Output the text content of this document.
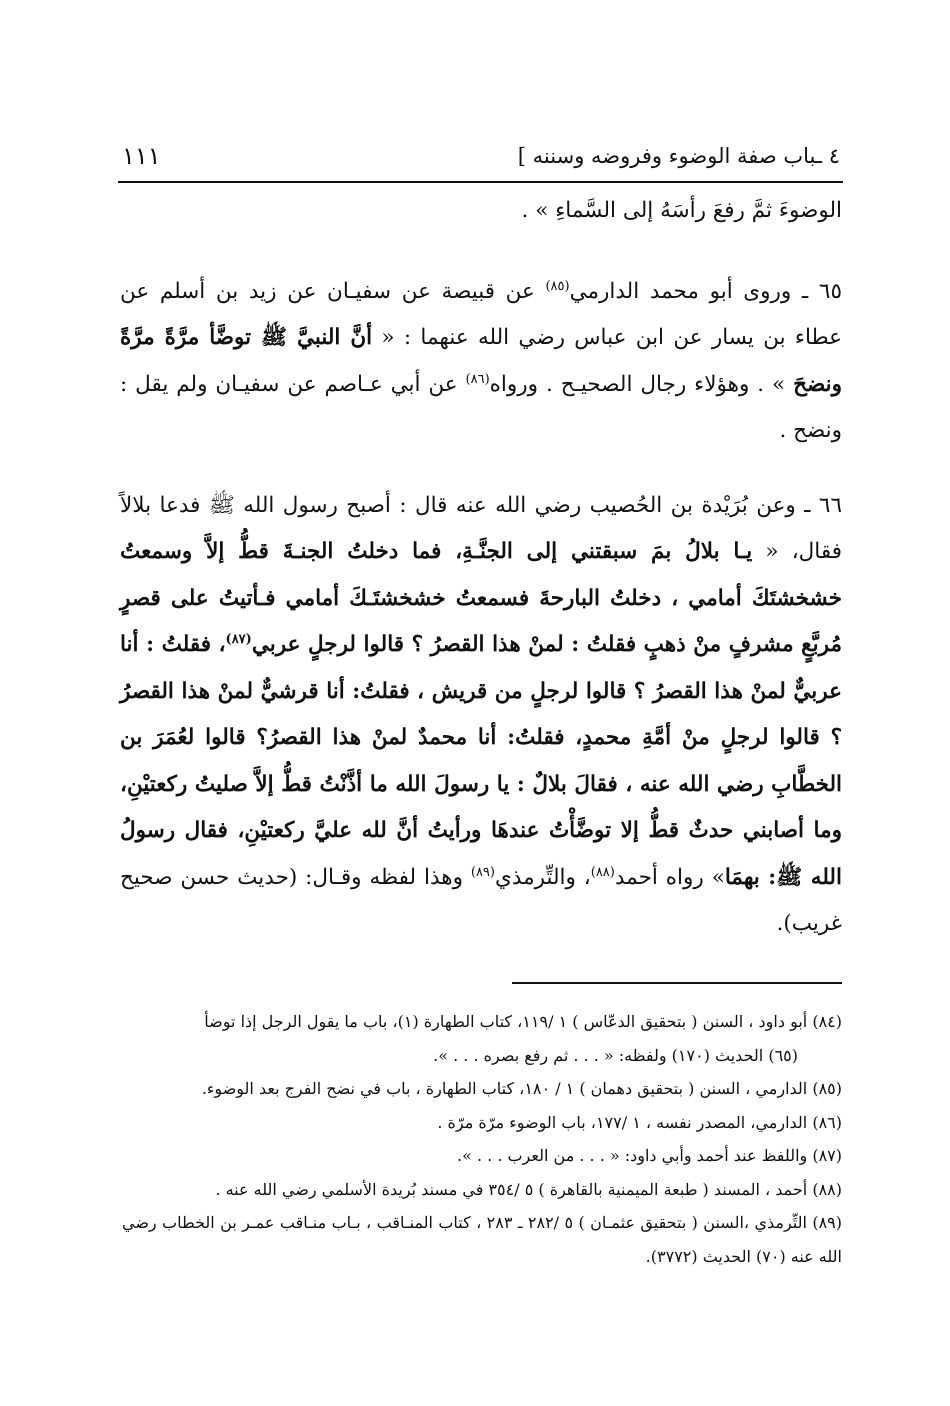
٤ ـباب صفة الوضوء وفروضه وسننه ]
١١١

الوضوءَ ثمَّ رفعَ رأسَهُ إلى السَّماءِ » .

٦٥ ـ وروى أبو محمد الدارمي$^{(٨٥)}$ عن قبيصة عن سفيـان عن زيد بن أسلم عن عطاء بن يسار عن ابن عباس رضي الله عنهما : « أنَّ النبيَّ ﷺ توضَّأ مرَّةً مرَّةً ونضحَ » . وهؤلاء رجال الصحيـح . ورواه$^{(٨٦)}$ عن أبي عـاصم عن سفيـان ولم يقل : ونضح .

٦٦ ـ وعن بُرَيْدة بن الحُصيب رضي الله عنه قال : أصبح رسول الله ﷺ فدعا بلالاً فقال، « يـا بلالُ بمَ سبقتني إلى الجنَّـةِ، فما دخلتُ الجنـةَ قطُّ إلاَّ وسمعتُ خشخشتَكَ أمامي ، دخلتُ البارحةَ فسمعتُ خشخشتَـكَ أمامي فـأتيتُ على قصرٍ مُربَّعٍ مشرفٍ منْ ذهبٍ فقلتُ : لمنْ هذا القصرُ ؟ قالوا لرجلٍ عربي$^{(٨٧)}$، فقلتُ : أنا عربيٌّ لمنْ هذا القصرُ ؟ قالوا لرجلٍ من قريش ، فقلتُ: أنا قرشيٌّ لمنْ هذا القصرُ ؟ قالوا لرجلٍ منْ أمَّةِ محمدٍ، فقلتُ: أنا محمدٌ لمنْ هذا القصرُ؟ قالوا لعُمَرَ بن الخطَّابِ رضي الله عنه ، فقالَ بلالٌ : يا رسولَ الله ما أذَّنْتُ قطُّ إلاَّ صليتُ ركعتيْنِ، وما أصابني حدثٌ قطُّ إلا توضَّأْتُ عندهَا ورأيتُ أنَّ لله عليَّ ركعتيْنِ، فقال رسولُ الله ﷺ: بهمَا» رواه أحمد$^{(٨٨)}$، والتِّرمذي$^{(٨٩)}$ وهذا لفظه وقـال: (حديث حسن صحيح غريب).

(٨٤) أبو داود ، السنن ( بتحقيق الدعّاس ) ١ /١١٩، كتاب الطهارة (١)، باب ما يقول الرجل إذا توضأ

(٦٥) الحديث (١٧٠) ولفظه: « . . . ثم رفع بصره . . . ».

(٨٥) الدارمي ، السنن ( بتحقيق دهمان ) ١ / ١٨٠، كتاب الطهارة ، باب في نضح الفرج بعد الوضوء.

(٨٦) الدارمي، المصدر نفسه ، ١ /١٧٧، باب الوضوء مرّة مرّة .

(٨٧) واللفظ عند أحمد وأبي داود: « . . . من العرب . . . ».

(٨٨) أحمد ، المسند ( طبعة الميمنية بالقاهرة ) ٥ /٣٥٤ في مسند بُريدة الأسلمي رضي الله عنه .

(٨٩) التِّرمذي ،السنن ( بتحقيق عثمـان ) ٥ /٢٨٢ ـ ٢٨٣ ، كتاب المنـاقب ، بـاب منـاقب عمـر بن الخطاب رضي الله عنه (٧٠) الحديث (٣٧٧٢).
